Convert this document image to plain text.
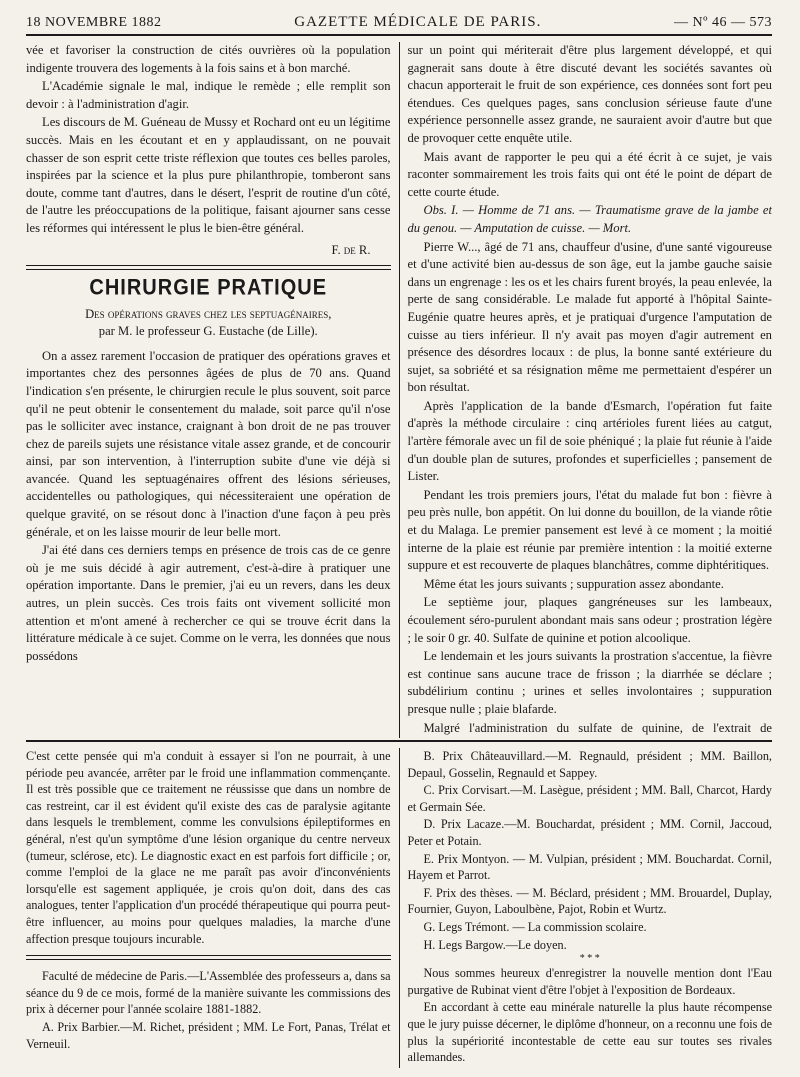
18 NOVEMBRE 1882	GAZETTE MÉDICALE DE PARIS.	— Nº 46 — 573

vée et favoriser la construction de cités ouvrières où la population indigente trouvera des logements à la fois sains et à bon marché.

L'Académie signale le mal, indique le remède ; elle remplit son devoir : à l'administration d'agir.

Les discours de M. Guéneau de Mussy et Rochard ont eu un légitime succès. Mais en les écoutant et en y applaudissant, on ne pouvait chasser de son esprit cette triste réflexion que toutes ces belles paroles, inspirées par la science et la plus pure philanthropie, tomberont sans doute, comme tant d'autres, dans le désert, l'esprit de routine d'un côté, de l'autre les préoccupations de la politique, faisant ajourner sans cesse les réformes qui intéressent le plus le bien-être général.

F. de R.
CHIRURGIE PRATIQUE
Des opérations graves chez les septuagénaires,
par M. le professeur G. Eustache (de Lille).

On a assez rarement l'occasion de pratiquer des opérations graves et importantes chez des personnes âgées de plus de 70 ans. Quand l'indication s'en présente, le chirurgien recule le plus souvent, soit parce qu'il ne peut obtenir le consentement du malade, soit parce qu'il n'ose pas le solliciter avec instance, craignant à bon droit de ne pas trouver chez de pareils sujets une résistance vitale assez grande, et de concourir ainsi, par son intervention, à l'interruption subite d'une vie déjà si avancée. Quand les septuagénaires offrent des lésions sérieuses, accidentelles ou pathologiques, qui nécessiteraient une opération de quelque gravité, on se résout donc à l'inaction d'une façon à peu près générale, et on les laisse mourir de leur belle mort.

J'ai été dans ces derniers temps en présence de trois cas de ce genre où je me suis décidé à agir autrement, c'est-à-dire à pratiquer une opération importante. Dans le premier, j'ai eu un revers, dans les deux autres, un plein succès. Ces trois faits ont vivement sollicité mon attention et m'ont amené à rechercher ce qui se trouve écrit dans la littérature médicale à ce sujet. Comme on le verra, les données que nous possédons

sur un point qui mériterait d'être plus largement développé, et qui gagnerait sans doute à être discuté devant les sociétés savantes où chacun apporterait le fruit de son expérience, ces données sont fort peu étendues. Ces quelques pages, sans conclusion sérieuse faute d'une expérience personnelle assez grande, ne sauraient avoir d'autre but que de provoquer cette enquête utile.

Mais avant de rapporter le peu qui a été écrit à ce sujet, je vais raconter sommairement les trois faits qui ont été le point de départ de cette courte étude.

Obs. I. — Homme de 71 ans. — Traumatisme grave de la jambe et du genou. — Amputation de cuisse. — Mort.

Pierre W..., âgé de 71 ans, chauffeur d'usine, d'une santé vigoureuse et d'une activité bien au-dessus de son âge, eut la jambe gauche saisie dans un engrenage : les os et les chairs furent broyés, la peau enlevée, la perte de sang considérable. Le malade fut apporté à l'hôpital Sainte-Eugénie quatre heures après, et je pratiquai d'urgence l'amputation de cuisse au tiers inférieur. Il n'y avait pas moyen d'agir autrement en présence des désordres locaux : de plus, la bonne santé extérieure du sujet, sa sobriété et sa résignation même me permettaient d'espérer un bon résultat.

Après l'application de la bande d'Esmarch, l'opération fut faite d'après la méthode circulaire : cinq artérioles furent liées au catgut, l'artère fémorale avec un fil de soie phéniqué ; la plaie fut réunie à l'aide d'un double plan de sutures, profondes et superficielles ; pansement de Lister.

Pendant les trois premiers jours, l'état du malade fut bon : fièvre à peu près nulle, bon appétit. On lui donne du bouillon, de la viande rôtie et du Malaga. Le premier pansement est levé à ce moment ; la moitié interne de la plaie est réunie par première intention : la moitié externe suppure et est recouverte de plaques blanchâtres, comme diphtéritiques.

Même état les jours suivants ; suppuration assez abondante.

Le septième jour, plaques gangréneuses sur les lambeaux, écoulement séro-purulent abondant mais sans odeur ; prostration légère ; le soir 0 gr. 40. Sulfate de quinine et potion alcoolique.

Le lendemain et les jours suivants la prostration s'accentue, la fièvre est continue sans aucune trace de frisson ; la diarrhée se déclare ; subdélirium continu ; urines et selles involontaires ; suppuration presque nulle ; plaie blafarde.

Malgré l'administration du sulfate de quinine, de l'extrait de

C'est cette pensée qui m'a conduit à essayer si l'on ne pourrait, à une période peu avancée, arrêter par le froid une inflammation commençante. Il est très possible que ce traitement ne réussisse que dans un nombre de cas restreint, car il est évident qu'il existe des cas de paralysie agitante dans lesquels le tremblement, comme les convulsions épileptiformes en général, n'est qu'un symptôme d'une lésion organique du centre nerveux (tumeur, sclérose, etc). Le diagnostic exact en est parfois fort difficile ; or, comme l'emploi de la glace ne me paraît pas avoir d'inconvénients lorsqu'elle est sagement appliquée, je crois qu'on doit, dans des cas analogues, tenter l'application d'un procédé thérapeutique qui pourra peut-être influencer, au moins pour quelques maladies, la marche d'une affection presque toujours incurable.

Faculté de médecine de Paris.—L'Assemblée des professeurs a, dans sa séance du 9 de ce mois, formé de la manière suivante les commissions des prix à décerner pour l'année scolaire 1881-1882.

A. Prix Barbier.—M. Richet, président ; MM. Le Fort, Panas, Trélat et Verneuil.

B. Prix Châteauvillard.—M. Regnauld, président ; MM. Baillon, Depaul, Gosselin, Regnauld et Sappey.

C. Prix Corvisart.—M. Lasègue, président ; MM. Ball, Charcot, Hardy et Germain Sée.

D. Prix Lacaze.—M. Bouchardat, président ; MM. Cornil, Jaccoud, Peter et Potain.

E. Prix Montyon. — M. Vulpian, président ; MM. Bouchardat. Cornil, Hayem et Parrot.

F. Prix des thèses. — M. Béclard, président ; MM. Brouardel, Duplay, Fournier, Guyon, Laboulbène, Pajot, Robin et Wurtz.

G. Legs Trémont. — La commission scolaire.

H. Legs Bargow.—Le doyen.

* * *

Nous sommes heureux d'enregistrer la nouvelle mention dont l'Eau purgative de Rubinat vient d'être l'objet à l'exposition de Bordeaux.

En accordant à cette eau minérale naturelle la plus haute récompense que le jury puisse décerner, le diplôme d'honneur, on a reconnu une fois de plus la supériorité incontestable de cette eau sur toutes ses rivales allemandes.
